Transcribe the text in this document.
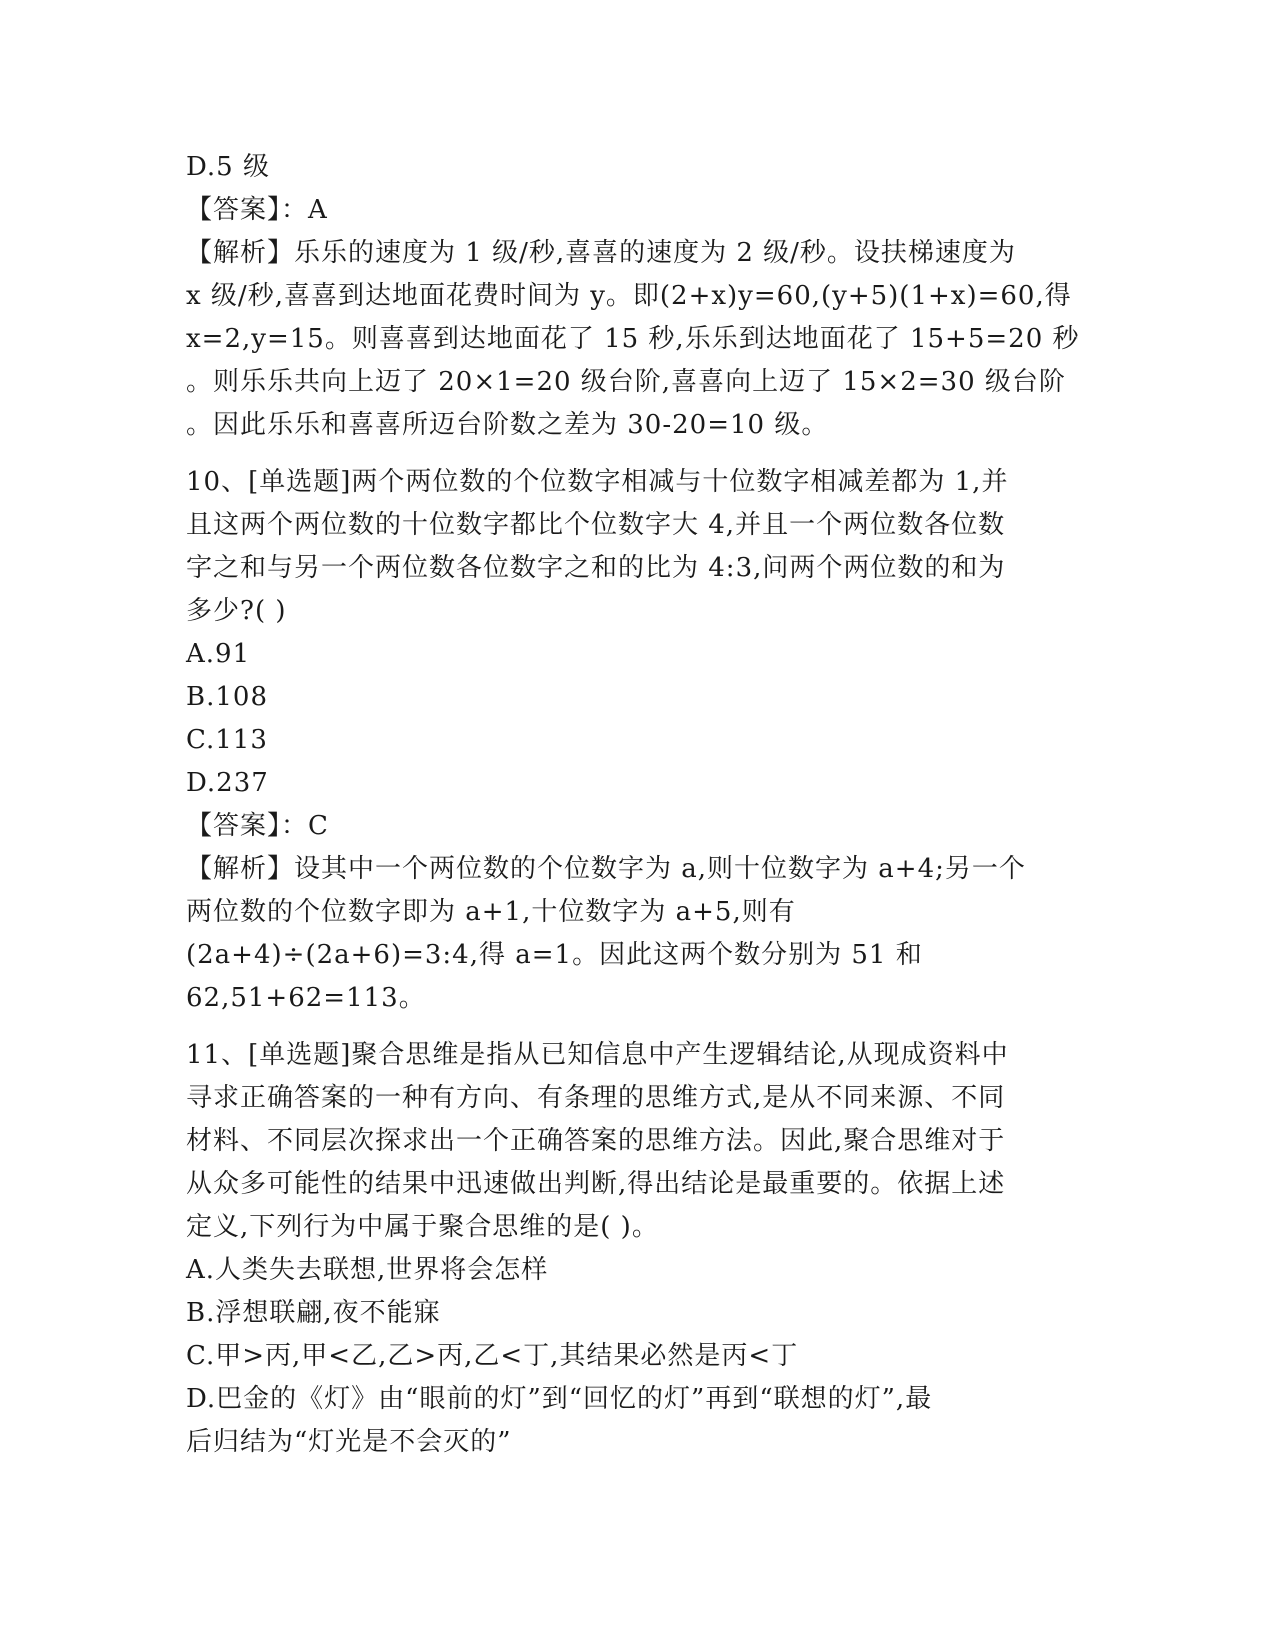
D.5 级
【答案】：A
【解析】乐乐的速度为 1 级/秒,喜喜的速度为 2 级/秒。设扶梯速度为
x 级/秒,喜喜到达地面花费时间为 y。即(2+x)y=60,(y+5)(1+x)=60,得
x=2,y=15。则喜喜到达地面花了 15 秒,乐乐到达地面花了 15+5=20 秒
。则乐乐共向上迈了 20×1=20 级台阶,喜喜向上迈了 15×2=30 级台阶
。因此乐乐和喜喜所迈台阶数之差为 30-20=10 级。
10、[单选题]两个两位数的个位数字相减与十位数字相减差都为 1,并
且这两个两位数的十位数字都比个位数字大 4,并且一个两位数各位数
字之和与另一个两位数各位数字之和的比为 4:3,问两个两位数的和为
多少?( )
A.91
B.108
C.113
D.237
【答案】：C
【解析】设其中一个两位数的个位数字为 a,则十位数字为 a+4;另一个
两位数的个位数字即为 a+1,十位数字为 a+5,则有
(2a+4)÷(2a+6)=3:4,得 a=1。因此这两个数分别为 51 和
62,51+62=113。
11、[单选题]聚合思维是指从已知信息中产生逻辑结论,从现成资料中
寻求正确答案的一种有方向、有条理的思维方式,是从不同来源、不同
材料、不同层次探求出一个正确答案的思维方法。因此,聚合思维对于
从众多可能性的结果中迅速做出判断,得出结论是最重要的。依据上述
定义,下列行为中属于聚合思维的是( )。
A.人类失去联想,世界将会怎样
B.浮想联翩,夜不能寐
C.甲>丙,甲<乙,乙>丙,乙<丁,其结果必然是丙<丁
D.巴金的《灯》由“眼前的灯”到“回忆的灯”再到“联想的灯”,最
后归结为“灯光是不会灭的”
